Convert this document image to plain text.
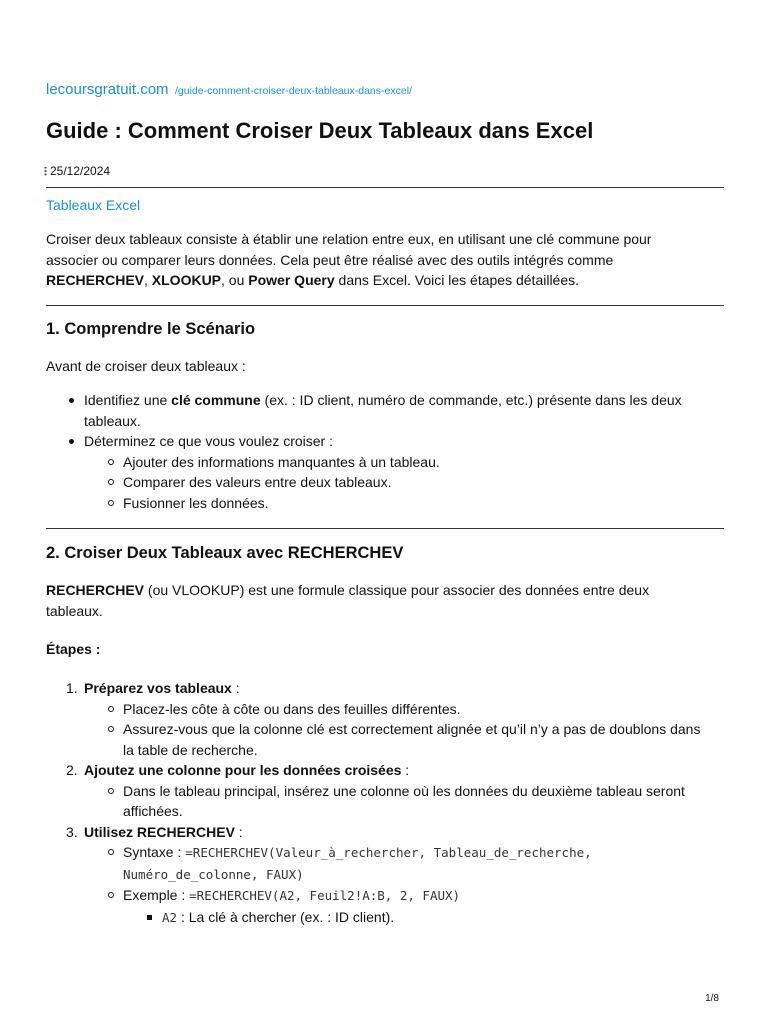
lecoursgratuit.com /guide-comment-croiser-deux-tableaux-dans-excel/
Guide : Comment Croiser Deux Tableaux dans Excel
25/12/2024
Tableaux Excel

Croiser deux tableaux consiste à établir une relation entre eux, en utilisant une clé commune pour

associer ou comparer leurs données. Cela peut être réalisé avec des outils intégrés comme

RECHERCHEV, XLOOKUP, ou Power Query dans Excel. Voici les étapes détaillées.

1. Comprendre le Scénario

Avant de croiser deux tableaux :

Identifiez une clé commune (ex. : ID client, numéro de commande, etc.) présente dans les deux
tableaux.
Déterminez ce que vous voulez croiser :
Ajouter des informations manquantes à un tableau.
Comparer des valeurs entre deux tableaux.
Fusionner les données.
2. Croiser Deux Tableaux avec RECHERCHEV

RECHERCHEV (ou VLOOKUP) est une formule classique pour associer des données entre deux

tableaux.

Étapes :

1. Préparez vos tableaux :
Placez-les côte à côte ou dans des feuilles différentes.
Assurez-vous que la colonne clé est correctement alignée et qu’il n’y a pas de doublons dans
la table de recherche.
2. Ajoutez une colonne pour les données croisées :
Dans le tableau principal, insérez une colonne où les données du deuxième tableau seront
affichées.
3. Utilisez RECHERCHEV :
Syntaxe : =RECHERCHEV(Valeur_à_rechercher, Tableau_de_recherche,
Numéro_de_colonne, FAUX)
Exemple : =RECHERCHEV(A2, Feuil2!A:B, 2, FAUX)
A2 : La clé à chercher (ex. : ID client).
1/8
